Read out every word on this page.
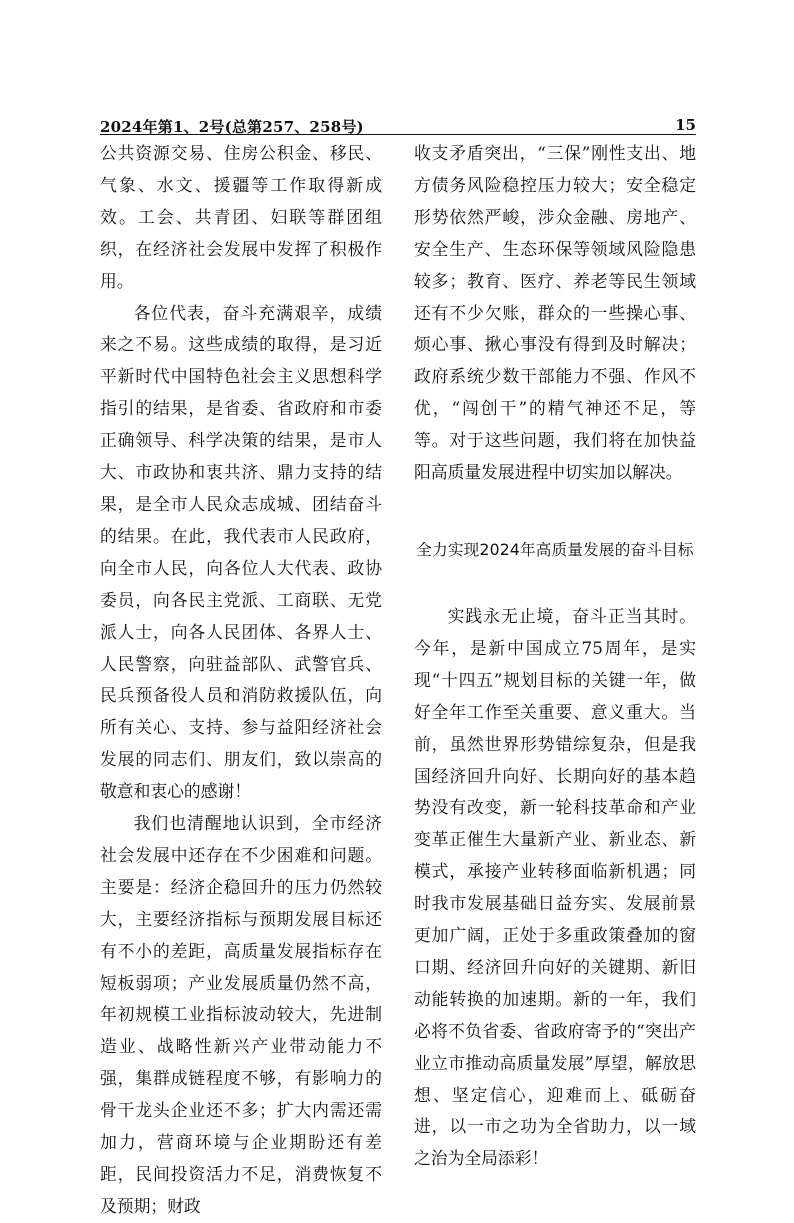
2024年第1、2号(总第257、258号)	15

公共资源交易、住房公积金、移民、气象、水文、援疆等工作取得新成效。工会、共青团、妇联等群团组织，在经济社会发展中发挥了积极作用。

各位代表，奋斗充满艰辛，成绩来之不易。这些成绩的取得，是习近平新时代中国特色社会主义思想科学指引的结果，是省委、省政府和市委正确领导、科学决策的结果，是市人大、市政协和衷共济、鼎力支持的结果，是全市人民众志成城、团结奋斗的结果。在此，我代表市人民政府，向全市人民，向各位人大代表、政协委员，向各民主党派、工商联、无党派人士，向各人民团体、各界人士、人民警察，向驻益部队、武警官兵、民兵预备役人员和消防救援队伍，向所有关心、支持、参与益阳经济社会发展的同志们、朋友们，致以崇高的敬意和衷心的感谢！

我们也清醒地认识到，全市经济社会发展中还存在不少困难和问题。主要是：经济企稳回升的压力仍然较大，主要经济指标与预期发展目标还有不小的差距，高质量发展指标存在短板弱项；产业发展质量仍然不高，年初规模工业指标波动较大，先进制造业、战略性新兴产业带动能力不强，集群成链程度不够，有影响力的骨干龙头企业还不多；扩大内需还需加力，营商环境与企业期盼还有差距，民间投资活力不足，消费恢复不及预期；财政

收支矛盾突出，“三保”刚性支出、地方债务风险稳控压力较大；安全稳定形势依然严峻，涉众金融、房地产、安全生产、生态环保等领域风险隐患较多；教育、医疗、养老等民生领域还有不少欠账，群众的一些操心事、烦心事、揪心事没有得到及时解决；政府系统少数干部能力不强、作风不优，“闯创干”的精气神还不足，等等。对于这些问题，我们将在加快益阳高质量发展进程中切实加以解决。

全力实现2024年高质量发展的奋斗目标

实践永无止境，奋斗正当其时。今年，是新中国成立75周年，是实现“十四五”规划目标的关键一年，做好全年工作至关重要、意义重大。当前，虽然世界形势错综复杂，但是我国经济回升向好、长期向好的基本趋势没有改变，新一轮科技革命和产业变革正催生大量新产业、新业态、新模式，承接产业转移面临新机遇；同时我市发展基础日益夯实、发展前景更加广阔，正处于多重政策叠加的窗口期、经济回升向好的关键期、新旧动能转换的加速期。新的一年，我们必将不负省委、省政府寄予的“突出产业立市推动高质量发展”厚望，解放思想、坚定信心，迎难而上、砥砺奋进，以一市之功为全省助力，以一域之治为全局添彩！
